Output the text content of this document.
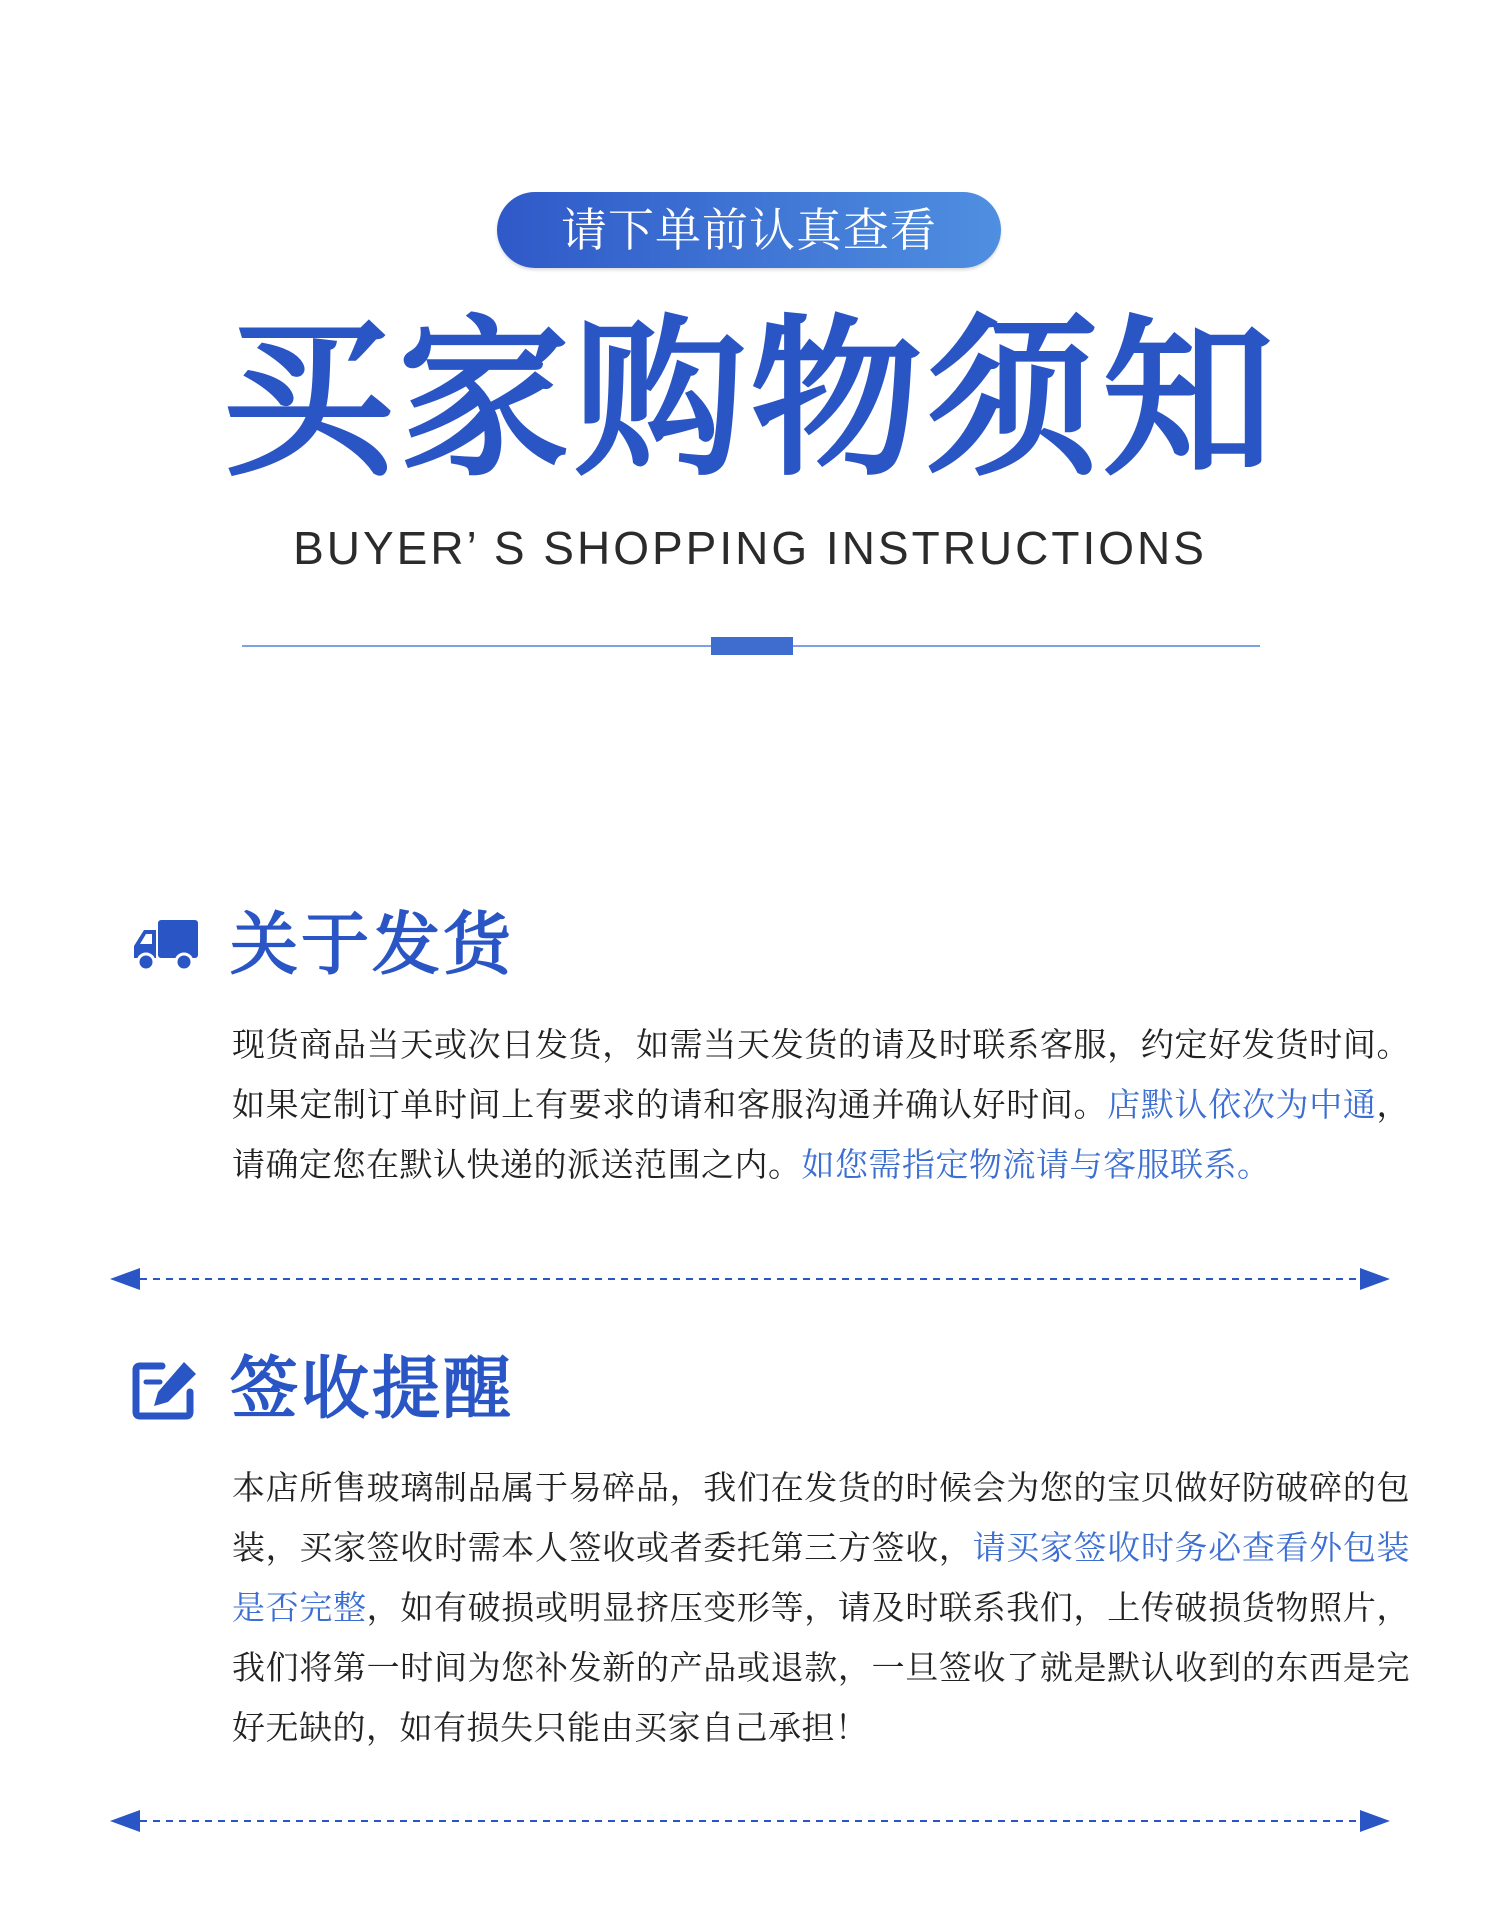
请下单前认真查看
买家购物须知
BUYER’ S SHOPPING INSTRUCTIONS
关于发货
现货商品当天或次日发货，如需当天发货的请及时联系客服，约定好发货时间。如果定制订单时间上有要求的请和客服沟通并确认好时间。店默认依次为中通，请确定您在默认快递的派送范围之内。如您需指定物流请与客服联系。
签收提醒
本店所售玻璃制品属于易碎品，我们在发货的时候会为您的宝贝做好防破碎的包装，买家签收时需本人签收或者委托第三方签收，请买家签收时务必查看外包装是否完整，如有破损或明显挤压变形等，请及时联系我们，上传破损货物照片，我们将第一时间为您补发新的产品或退款，一旦签收了就是默认收到的东西是完好无缺的，如有损失只能由买家自己承担！
